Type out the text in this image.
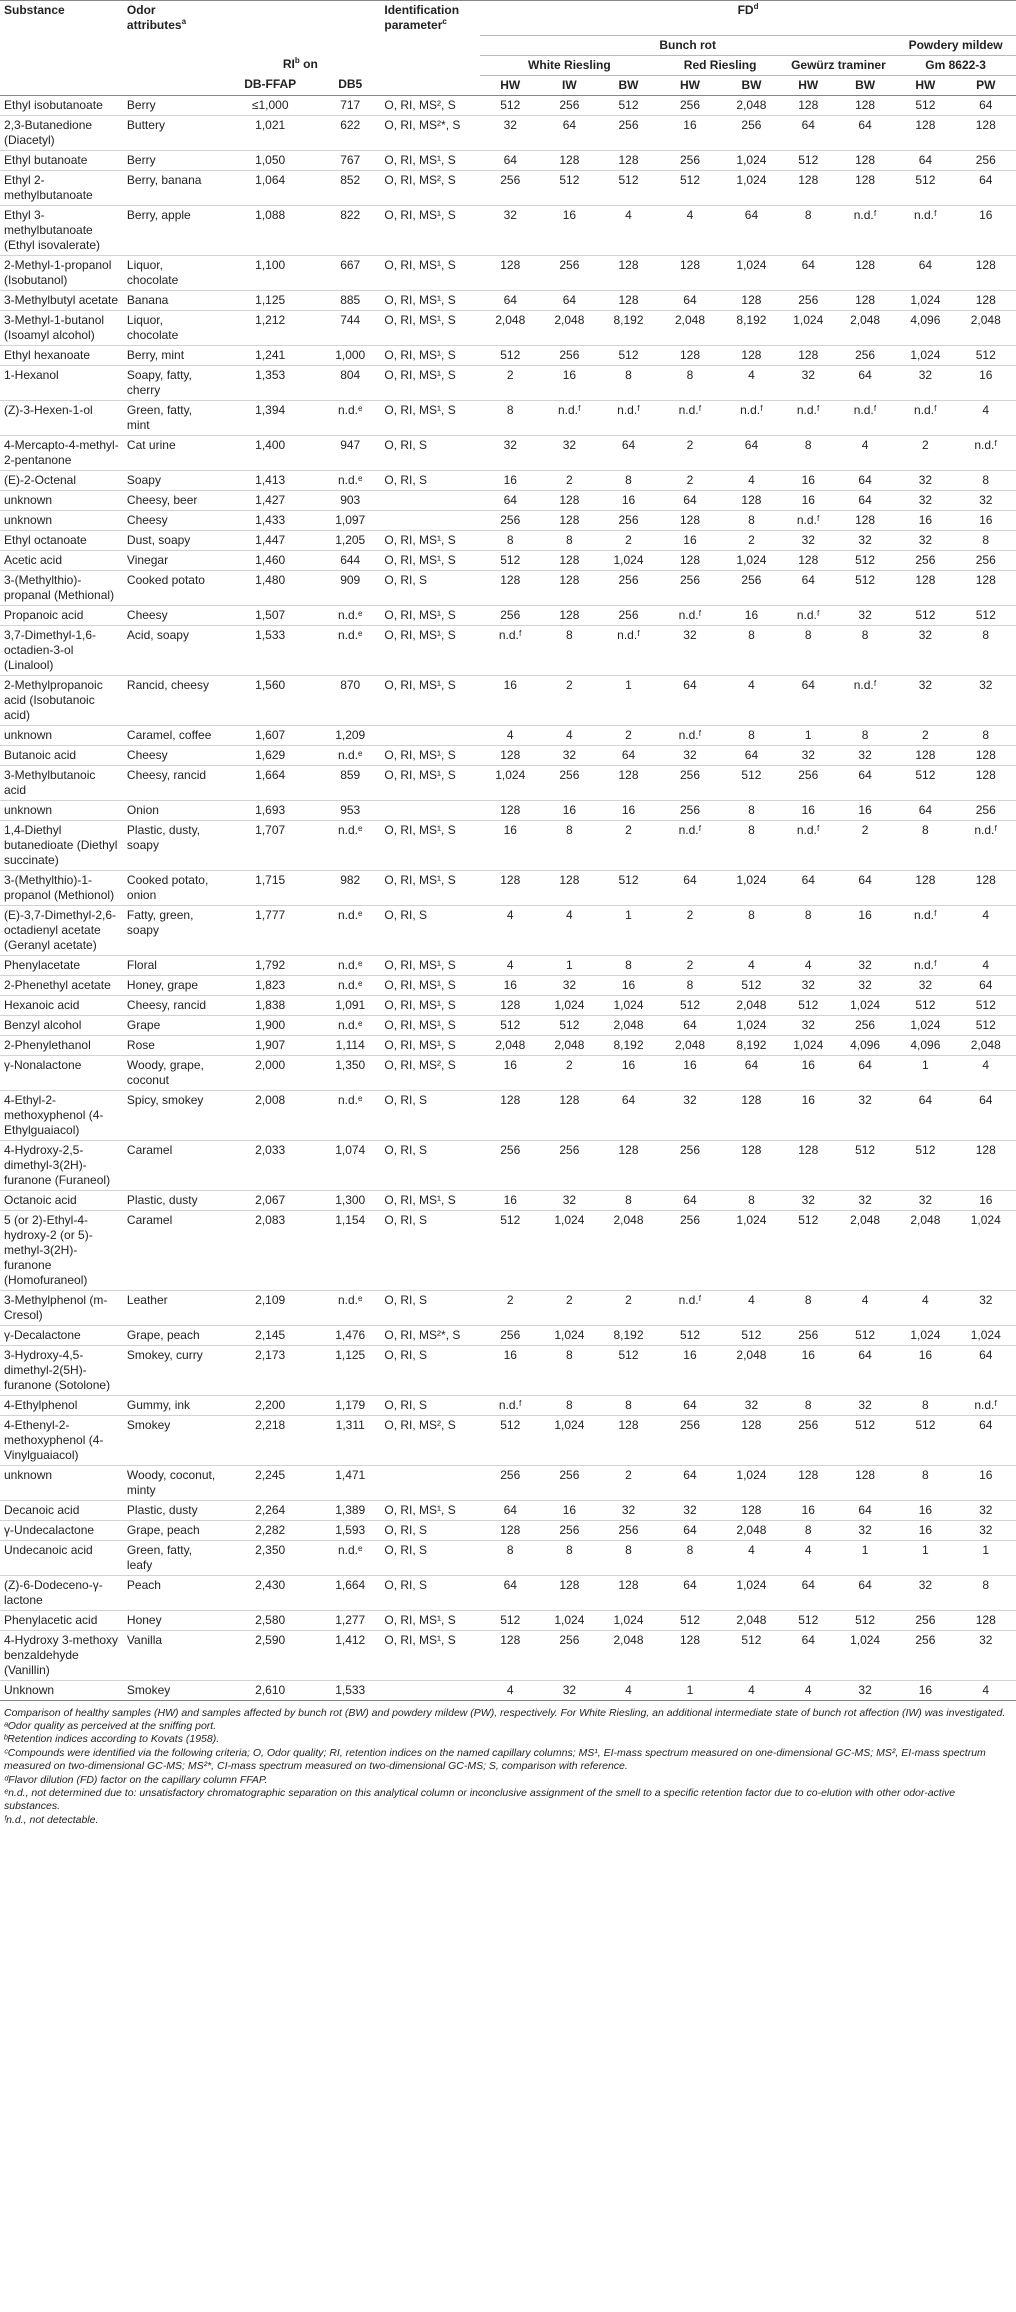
Substance	Odor attributes$^a$			Identification parameter$^c$	$FD^d$
					Bunch rot							Powdery mildew	
		$RI^b$ on			White Riesling			Red Riesling		Gewürz traminer		Gm 8622-3	
		DB-FFAP	DB5		HW	IW	BW	HW	BW	HW	BW	HW	PW
Ethyl isobutanoate	Berry	≤1,000	717	O, RI, MS², S	512	256	512	256	2,048	128	128	512	64
2,3-Butanedione (Diacetyl)	Buttery	1,021	622	O, RI, MS²*, S	32	64	256	16	256	64	64	128	128
Ethyl butanoate	Berry	1,050	767	O, RI, MS¹, S	64	128	128	256	1,024	512	128	64	256
Ethyl 2-methylbutanoate	Berry, banana	1,064	852	O, RI, MS², S	256	512	512	512	1,024	128	128	512	64
Ethyl 3-methylbutanoate (Ethyl isovalerate)	Berry, apple	1,088	822	O, RI, MS¹, S	32	16	4	4	64	8	n.d.ᶠ	n.d.ᶠ	16
2-Methyl-1-propanol (Isobutanol)	Liquor, chocolate	1,100	667	O, RI, MS¹, S	128	256	128	128	1,024	64	128	64	128
3-Methylbutyl acetate	Banana	1,125	885	O, RI, MS¹, S	64	64	128	64	128	256	128	1,024	128
3-Methyl-1-butanol (Isoamyl alcohol)	Liquor, chocolate	1,212	744	O, RI, MS¹, S	2,048	2,048	8,192	2,048	8,192	1,024	2,048	4,096	2,048
Ethyl hexanoate	Berry, mint	1,241	1,000	O, RI, MS¹, S	512	256	512	128	128	128	256	1,024	512
1-Hexanol	Soapy, fatty, cherry	1,353	804	O, RI, MS¹, S	2	16	8	8	4	32	64	32	16
(Z)-3-Hexen-1-ol	Green, fatty, mint	1,394	n.d.ᵉ	O, RI, MS¹, S	8	n.d.ᶠ	n.d.ᶠ	n.d.ᶠ	n.d.ᶠ	n.d.ᶠ	n.d.ᶠ	n.d.ᶠ	4
4-Mercapto-4-methyl-2-pentanone	Cat urine	1,400	947	O, RI, S	32	32	64	2	64	8	4	2	n.d.ᶠ
(E)-2-Octenal	Soapy	1,413	n.d.ᵉ	O, RI, S	16	2	8	2	4	16	64	32	8
unknown	Cheesy, beer	1,427	903		64	128	16	64	128	16	64	32	32
unknown	Cheesy	1,433	1,097		256	128	256	128	8	n.d.ᶠ	128	16	16
Ethyl octanoate	Dust, soapy	1,447	1,205	O, RI, MS¹, S	8	8	2	16	2	32	32	32	8
Acetic acid	Vinegar	1,460	644	O, RI, MS¹, S	512	128	1,024	128	1,024	128	512	256	256
3-(Methylthio)-propanal (Methional)	Cooked potato	1,480	909	O, RI, S	128	128	256	256	256	64	512	128	128
Propanoic acid	Cheesy	1,507	n.d.ᵉ	O, RI, MS¹, S	256	128	256	n.d.ᶠ	16	n.d.ᶠ	32	512	512
3,7-Dimethyl-1,6-octadien-3-ol (Linalool)	Acid, soapy	1,533	n.d.ᵉ	O, RI, MS¹, S	n.d.ᶠ	8	n.d.ᶠ	32	8	8	8	32	8
2-Methylpropanoic acid (Isobutanoic acid)	Rancid, cheesy	1,560	870	O, RI, MS¹, S	16	2	1	64	4	64	n.d.ᶠ	32	32
unknown	Caramel, coffee	1,607	1,209		4	4	2	n.d.ᶠ	8	1	8	2	8
Butanoic acid	Cheesy	1,629	n.d.ᵉ	O, RI, MS¹, S	128	32	64	32	64	32	32	128	128
3-Methylbutanoic acid	Cheesy, rancid	1,664	859	O, RI, MS¹, S	1,024	256	128	256	512	256	64	512	128
unknown	Onion	1,693	953		128	16	16	256	8	16	16	64	256
1,4-Diethyl butanedioate (Diethyl succinate)	Plastic, dusty, soapy	1,707	n.d.ᵉ	O, RI, MS¹, S	16	8	2	n.d.ᶠ	8	n.d.ᶠ	2	8	n.d.ᶠ
3-(Methylthio)-1-propanol (Methionol)	Cooked potato, onion	1,715	982	O, RI, MS¹, S	128	128	512	64	1,024	64	64	128	128
(E)-3,7-Dimethyl-2,6-octadienyl acetate (Geranyl acetate)	Fatty, green, soapy	1,777	n.d.ᵉ	O, RI, S	4	4	1	2	8	8	16	n.d.ᶠ	4
Phenylacetate	Floral	1,792	n.d.ᵉ	O, RI, MS¹, S	4	1	8	2	4	4	32	n.d.ᶠ	4
2-Phenethyl acetate	Honey, grape	1,823	n.d.ᵉ	O, RI, MS¹, S	16	32	16	8	512	32	32	32	64
Hexanoic acid	Cheesy, rancid	1,838	1,091	O, RI, MS¹, S	128	1,024	1,024	512	2,048	512	1,024	512	512
Benzyl alcohol	Grape	1,900	n.d.ᵉ	O, RI, MS¹, S	512	512	2,048	64	1,024	32	256	1,024	512
2-Phenylethanol	Rose	1,907	1,114	O, RI, MS¹, S	2,048	2,048	8,192	2,048	8,192	1,024	4,096	4,096	2,048
γ-Nonalactone	Woody, grape, coconut	2,000	1,350	O, RI, MS², S	16	2	16	16	64	16	64	1	4
4-Ethyl-2-methoxyphenol (4-Ethylguaiacol)	Spicy, smokey	2,008	n.d.ᵉ	O, RI, S	128	128	64	32	128	16	32	64	64
4-Hydroxy-2,5-dimethyl-3(2H)-furanone (Furaneol)	Caramel	2,033	1,074	O, RI, S	256	256	128	256	128	128	512	512	128
Octanoic acid	Plastic, dusty	2,067	1,300	O, RI, MS¹, S	16	32	8	64	8	32	32	32	16
5 (or 2)-Ethyl-4-hydroxy-2 (or 5)-methyl-3(2H)-furanone (Homofuraneol)	Caramel	2,083	1,154	O, RI, S	512	1,024	2,048	256	1,024	512	2,048	2,048	1,024
3-Methylphenol (m-Cresol)	Leather	2,109	n.d.ᵉ	O, RI, S	2	2	2	n.d.ᶠ	4	8	4	4	32
γ-Decalactone	Grape, peach	2,145	1,476	O, RI, MS²*, S	256	1,024	8,192	512	512	256	512	1,024	1,024
3-Hydroxy-4,5-dimethyl-2(5H)-furanone (Sotolone)	Smokey, curry	2,173	1,125	O, RI, S	16	8	512	16	2,048	16	64	16	64
4-Ethylphenol	Gummy, ink	2,200	1,179	O, RI, S	n.d.ᶠ	8	8	64	32	8	32	8	n.d.ᶠ
4-Ethenyl-2-methoxyphenol (4-Vinylguaiacol)	Smokey	2,218	1,311	O, RI, MS², S	512	1,024	128	256	128	256	512	512	64
unknown	Woody, coconut, minty	2,245	1,471		256	256	2	64	1,024	128	128	8	16
Decanoic acid	Plastic, dusty	2,264	1,389	O, RI, MS¹, S	64	16	32	32	128	16	64	16	32
γ-Undecalactone	Grape, peach	2,282	1,593	O, RI, S	128	256	256	64	2,048	8	32	16	32
Undecanoic acid	Green, fatty, leafy	2,350	n.d.ᵉ	O, RI, S	8	8	8	8	4	4	1	1	1
(Z)-6-Dodeceno-γ-lactone	Peach	2,430	1,664	O, RI, S	64	128	128	64	1,024	64	64	32	8
Phenylacetic acid	Honey	2,580	1,277	O, RI, MS¹, S	512	1,024	1,024	512	2,048	512	512	256	128
4-Hydroxy 3-methoxy benzaldehyde (Vanillin)	Vanilla	2,590	1,412	O, RI, MS¹, S	128	256	2,048	128	512	64	1,024	256	32
Unknown	Smokey	2,610	1,533		4	32	4	1	4	4	32	16	4

Comparison of healthy samples (HW) and samples affected by bunch rot (BW) and powdery mildew (PW), respectively. For White Riesling, an additional intermediate state of bunch rot affection (IW) was investigated.

ᵃOdor quality as perceived at the sniffing port.

ᵇRetention indices according to Kovats (1958).

ᶜCompounds were identified via the following criteria; O, Odor quality; RI, retention indices on the named capillary columns; MS¹, EI-mass spectrum measured on one-dimensional GC-MS; MS², EI-mass spectrum measured on two-dimensional GC-MS; MS²*, CI-mass spectrum measured on two-dimensional GC-MS; S, comparison with reference.

ᵈFlavor dilution (FD) factor on the capillary column FFAP.

ᵉn.d., not determined due to: unsatisfactory chromatographic separation on this analytical column or inconclusive assignment of the smell to a specific retention factor due to co-elution with other odor-active substances.

ᶠn.d., not detectable.
